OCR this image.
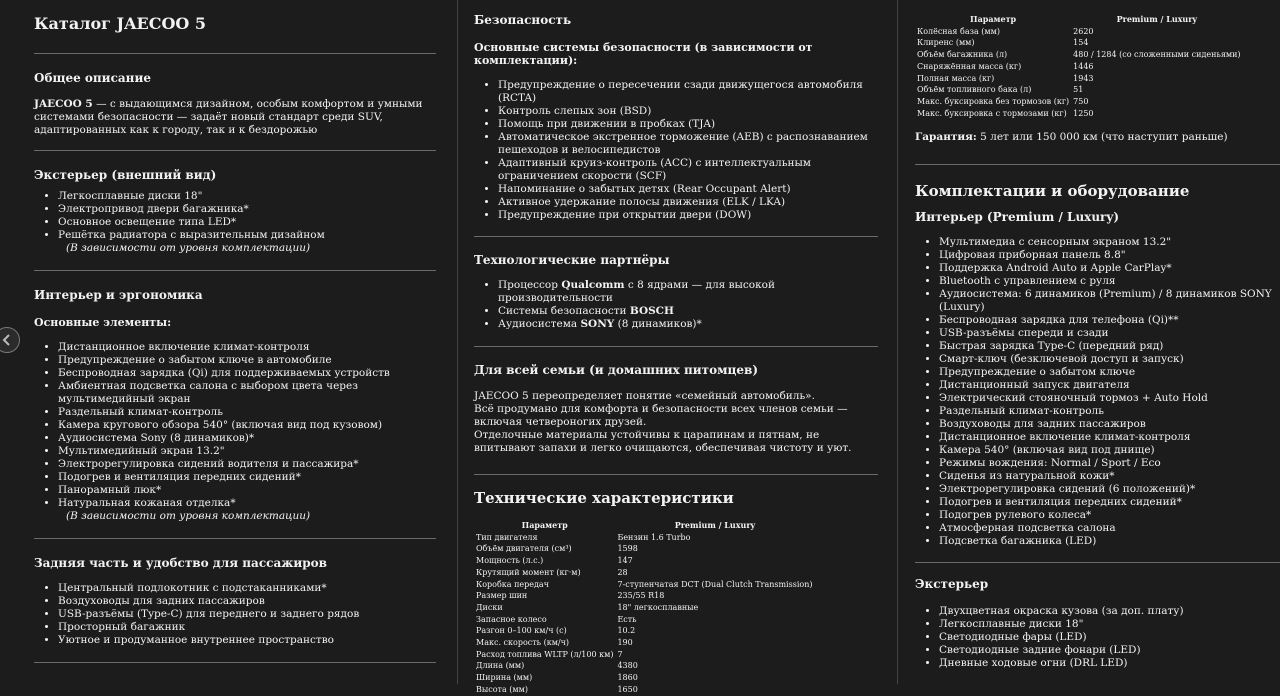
Каталог JAECOO 5
Общее описание

JAECOO 5 — с выдающимся дизайном, особым комфортом и умными системами безопасности — задаёт новый стандарт среди SUV, адаптированных как к городу, так и к бездорожью

Экстерьер (внешний вид)
• Легкосплавные диски 18"
• Электропривод двери багажника*
• Основное освещение типа LED*
• Решётка радиатора с выразительным дизайном
(В зависимости от уровня комплектации)
Интерьер и эргономика
Основные элементы:
• Дистанционное включение климат-контроля
• Предупреждение о забытом ключе в автомобиле
• Беспроводная зарядка (Qi) для поддерживаемых устройств
• Амбиентная подсветка салона с выбором цвета через мультимедийный экран
• Раздельный климат-контроль
• Камера кругового обзора 540° (включая вид под кузовом)
• Аудиосистема Sony (8 динамиков)*
• Мультимедийный экран 13.2"
• Электрорегулировка сидений водителя и пассажира*
• Подогрев и вентиляция передних сидений*
• Панорамный люк*
• Натуральная кожаная отделка*
(В зависимости от уровня комплектации)
Задняя часть и удобство для пассажиров
• Центральный подлокотник с подстаканниками*
• Воздуховоды для задних пассажиров
• USB-разъёмы (Type-C) для переднего и заднего рядов
• Просторный багажник
• Уютное и продуманное внутреннее пространство
Безопасность
Основные системы безопасности (в зависимости от комплектации):
• Предупреждение о пересечении сзади движущегося автомобиля (RCTA)
• Контроль слепых зон (BSD)
• Помощь при движении в пробках (TJA)
• Автоматическое экстренное торможение (AEB) с распознаванием пешеходов и велосипедистов
• Адаптивный круиз-контроль (ACC) с интеллектуальным ограничением скорости (SCF)
• Напоминание о забытых детях (Rear Occupant Alert)
• Активное удержание полосы движения (ELK / LKA)
• Предупреждение при открытии двери (DOW)
Технологические партнёры
• Процессор Qualcomm с 8 ядрами — для высокой производительности
• Системы безопасности BOSCH
• Аудиосистема SONY (8 динамиков)*
Для всей семьи (и домашних питомцев)

JAECOO 5 переопределяет понятие «семейный автомобиль».

Всё продумано для комфорта и безопасности всех членов семьи — включая четвероногих друзей.

Отделочные материалы устойчивы к царапинам и пятнам, не впитывают запахи и легко очищаются, обеспечивая чистоту и уют.

Технические характеристики
Параметр	Premium / Luxury
Тип двигателя	Бензин 1.6 Turbo
Объём двигателя (см³)	1598
Мощность (л.с.)	147
Крутящий момент (кг·м)	28
Коробка передач	7-ступенчатая DCT (Dual Clutch Transmission)
Размер шин	235/55 R18
Диски	18" легкосплавные
Запасное колесо	Есть
Разгон 0–100 км/ч (с)	10.2
Макс. скорость (км/ч)	190
Расход топлива WLTP (л/100 км)	7
Длина (мм)	4380
Ширина (мм)	1860
Высота (мм)	1650
Параметр	Premium / Luxury
Колёсная база (мм)	2620
Клиренс (мм)	154
Объём багажника (л)	480 / 1284 (со сложенными сиденьями)
Снаряжённая масса (кг)	1446
Полная масса (кг)	1943
Объём топливного бака (л)	51
Макс. буксировка без тормозов (кг)	750
Макс. буксировка с тормозами (кг)	1250

Гарантия: 5 лет или 150 000 км (что наступит раньше)

Комплектации и оборудование
Интерьер (Premium / Luxury)
• Мультимедиа с сенсорным экраном 13.2"
• Цифровая приборная панель 8.8"
• Поддержка Android Auto и Apple CarPlay*
• Bluetooth с управлением с руля
• Аудиосистема: 6 динамиков (Premium) / 8 динамиков SONY (Luxury)
• Беспроводная зарядка для телефона (Qi)**
• USB-разъёмы спереди и сзади
• Быстрая зарядка Type-C (передний ряд)
• Смарт-ключ (безключевой доступ и запуск)
• Предупреждение о забытом ключе
• Дистанционный запуск двигателя
• Электрический стояночный тормоз + Auto Hold
• Раздельный климат-контроль
• Воздуховоды для задних пассажиров
• Дистанционное включение климат-контроля
• Камера 540° (включая вид под днище)
• Режимы вождения: Normal / Sport / Eco
• Сиденья из натуральной кожи*
• Электрорегулировка сидений (6 положений)*
• Подогрев и вентиляция передних сидений*
• Подогрев рулевого колеса*
• Атмосферная подсветка салона
• Подсветка багажника (LED)
Экстерьер
• Двухцветная окраска кузова (за доп. плату)
• Легкосплавные диски 18"
• Светодиодные фары (LED)
• Светодиодные задние фонари (LED)
• Дневные ходовые огни (DRL LED)
